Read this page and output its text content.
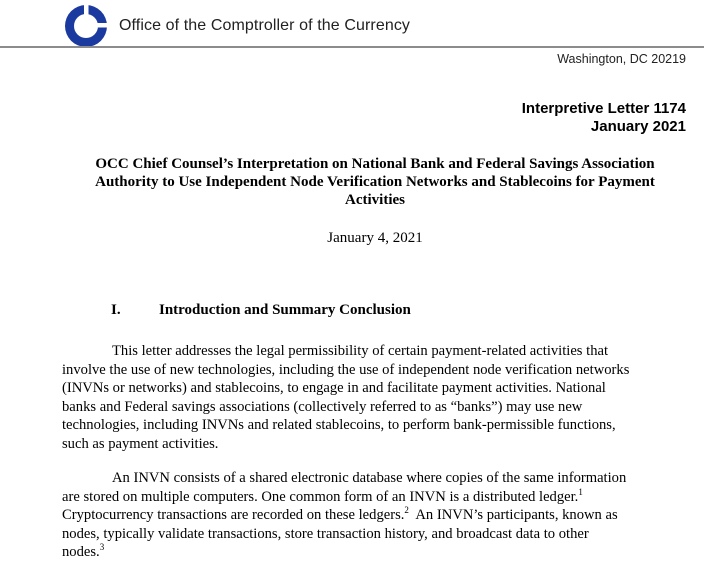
Office of the Comptroller of the Currency
Washington, DC 20219
Interpretive Letter 1174
January 2021
OCC Chief Counsel’s Interpretation on National Bank and Federal Savings Association
Authority to Use Independent Node Verification Networks and Stablecoins for Payment
Activities
January 4, 2021
I.	Introduction and Summary Conclusion
This letter addresses the legal permissibility of certain payment-related activities that
involve the use of new technologies, including the use of independent node verification networks
(INVNs or networks) and stablecoins, to engage in and facilitate payment activities. National
banks and Federal savings associations (collectively referred to as “banks”) may use new
technologies, including INVNs and related stablecoins, to perform bank-permissible functions,
such as payment activities.
An INVN consists of a shared electronic database where copies of the same information
are stored on multiple computers. One common form of an INVN is a distributed ledger.$^1$
Cryptocurrency transactions are recorded on these ledgers.$^2$  An INVN’s participants, known as
nodes, typically validate transactions, store transaction history, and broadcast data to other
nodes.$^3$
